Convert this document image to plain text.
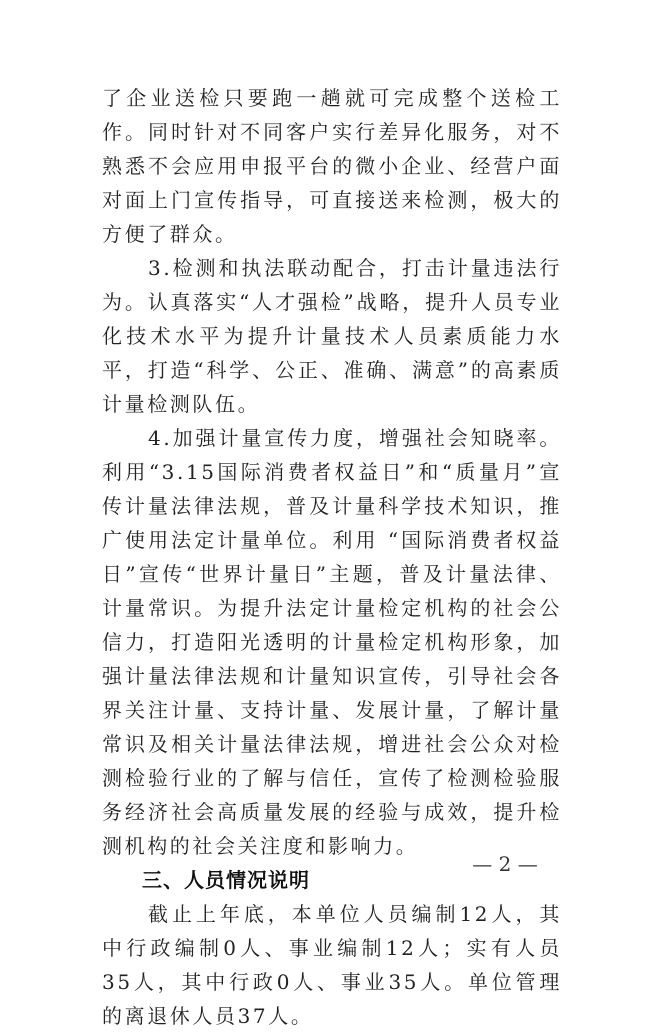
了企业送检只要跑一趟就可完成整个送检工作。同时针对不同客户实行差异化服务，对不熟悉不会应用申报平台的微小企业、经营户面对面上门宣传指导，可直接送来检测，极大的方便了群众。

3.检测和执法联动配合，打击计量违法行为。认真落实“人才强检”战略，提升人员专业化技术水平为提升计量技术人员素质能力水平，打造“科学、公正、准确、满意”的高素质计量检测队伍。

4.加强计量宣传力度，增强社会知晓率。利用“3.15国际消费者权益日”和“质量月”宣传计量法律法规，普及计量科学技术知识，推广使用法定计量单位。利用 “国际消费者权益日”宣传“世界计量日”主题，普及计量法律、计量常识。为提升法定计量检定机构的社会公信力，打造阳光透明的计量检定机构形象，加强计量法律法规和计量知识宣传，引导社会各界关注计量、支持计量、发展计量，了解计量常识及相关计量法律法规，增进社会公众对检测检验行业的了解与信任，宣传了检测检验服务经济社会高质量发展的经验与成效，提升检测机构的社会关注度和影响力。

三、人员情况说明

截止上年底，本单位人员编制12人，其中行政编制0人、事业编制12人；实有人员35人，其中行政0人、事业35人。单位管理的离退休人员37人。

— 2 —
